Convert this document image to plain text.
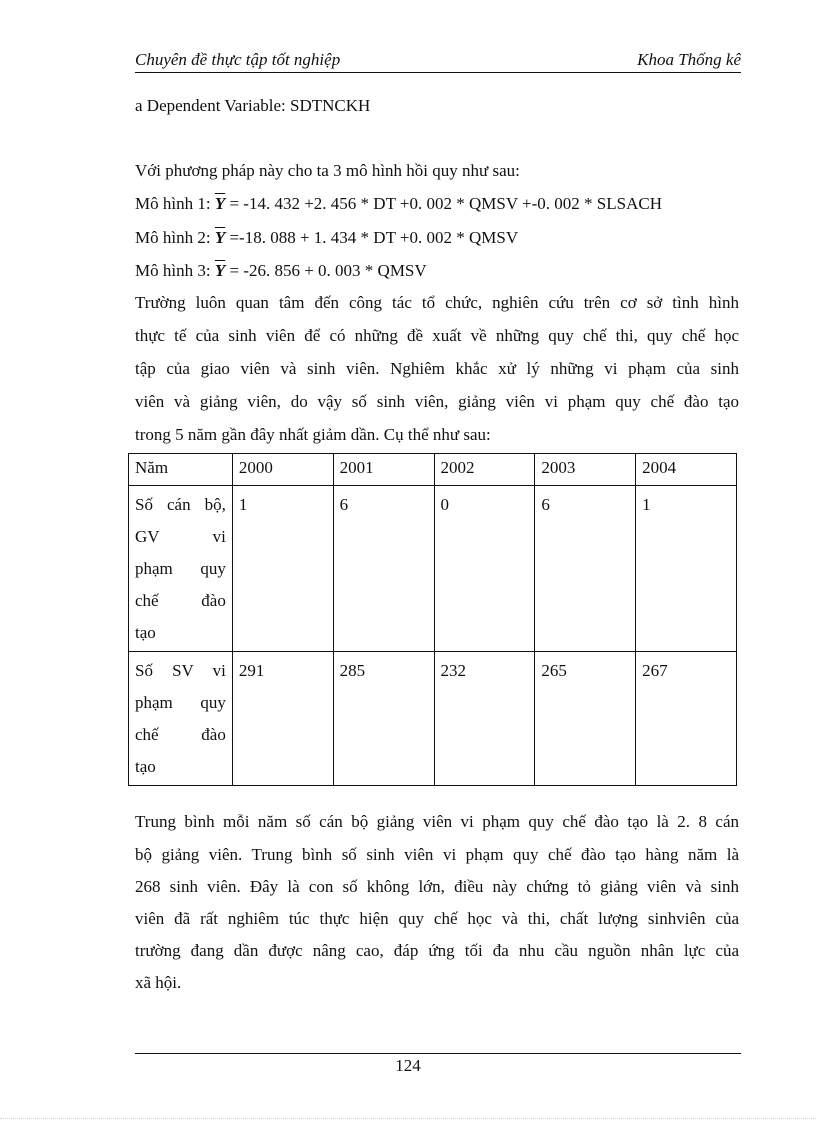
Chuyên đề thực tập tốt nghiệp	Khoa Thống kê
a Dependent Variable: SDTNCKH
Với phương pháp này cho ta 3 mô hình hồi quy như sau:
Mô hình 1: $\overline{Y} = -14$. 432 +2. 456 * DT +0. 002 * QMSV +-0. 002 * SLSACH
Mô hình 2: $\overline{Y} =-18$. 088 + 1. 434 * DT +0. 002 * QMSV
Mô hình 3: $\overline{Y} = -26$. 856 + 0. 003 * QMSV
Trường luôn quan tâm đến công tác tổ chức, nghiên cứu trên cơ sở tình hình
thực tế của sinh viên để có những đề xuất về những quy chế thi, quy chế học
tập của giao viên và sinh viên. Nghiêm khắc xử lý những vi phạm của sinh
viên và giảng viên, do vậy số sinh viên, giảng viên vi phạm quy chế đào tạo
trong 5 năm gần đây nhất giảm dần. Cụ thể như sau:
Năm	2000	2001	2002	2003	2004

Số cán bộ,
GV vi
phạm quy
chế đào
tạo	1	6	0	6	1

Số SV vi
phạm quy
chế đào
tạo	291	285	232	265	267
Trung bình mỗi năm số cán bộ giảng viên vi phạm quy chế đào tạo là 2. 8 cán
bộ giảng viên. Trung bình số sinh viên vi phạm quy chế đào tạo hàng năm là
268 sinh viên. Đây là con số không lớn, điều này chứng tỏ giảng viên và sinh
viên đã rất nghiêm túc thực hiện quy chế học và thi, chất lượng sinhviên của
trường đang dần được nâng cao, đáp ứng tối đa nhu cầu nguồn nhân lực của
xã hội.
124
